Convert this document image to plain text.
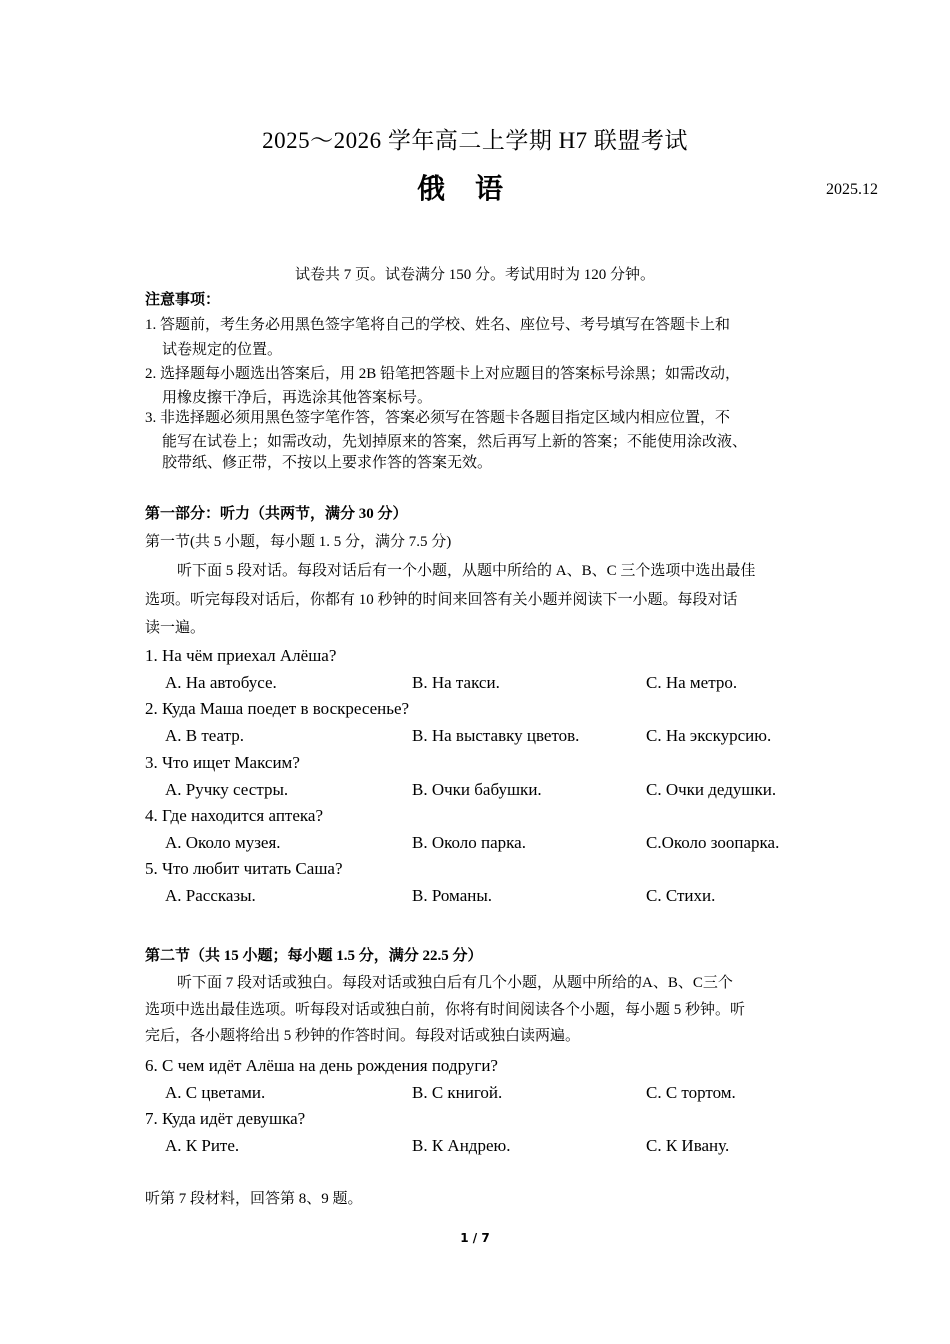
2025～2026 学年高二上学期 H7 联盟考试
俄语	2025.12
试卷共 7 页。试卷满分 150 分。考试用时为 120 分钟。
注意事项：
1. 答题前，考生务必用黑色签字笔将自己的学校、姓名、座位号、考号填写在答题卡上和
试卷规定的位置。
2. 选择题每小题选出答案后，用 2B 铅笔把答题卡上对应题目的答案标号涂黑；如需改动，
用橡皮擦干净后，再选涂其他答案标号。
3. 非选择题必须用黑色签字笔作答，答案必须写在答题卡各题目指定区域内相应位置，不
能写在试卷上；如需改动，先划掉原来的答案，然后再写上新的答案；不能使用涂改液、
胶带纸、修正带，不按以上要求作答的答案无效。
第一部分：听力（共两节，满分 30 分）
第一节(共 5 小题，每小题 1. 5 分，满分 7.5 分)
听下面 5 段对话。每段对话后有一个小题，从题中所给的 A、B、C 三个选项中选出最佳
选项。听完每段对话后，你都有 10 秒钟的时间来回答有关小题并阅读下一小题。每段对话
读一遍。
1. На чём приехал Алёша?
A. На автобусе.	B. На такси.	C. На метро.
2. Куда Маша поедет в воскресенье?
A. В театр.	B. На выставку цветов.	C. На экскурсию.
3. Что ищет Максим?
A. Ручку сестры.	B. Очки бабушки.	C. Очки дедушки.
4. Где находится аптека?
A. Около музея.	B. Около парка.	C.Около зоопарка.
5. Что любит читать Саша?
A. Рассказы.	B. Романы.	C. Стихи.
第二节（共 15 小题；每小题 1.5 分，满分 22.5 分）
听下面 7 段对话或独白。每段对话或独白后有几个小题，从题中所给的A、B、C三个
选项中选出最佳选项。听每段对话或独白前，你将有时间阅读各个小题，每小题 5 秒钟。听
完后，各小题将给出 5 秒钟的作答时间。每段对话或独白读两遍。
6. С чем идёт Алёша на день рождения подруги?
A. С цветами.	B. С книгой.	C. С тортом.
7. Куда идёт девушка?
A. К Рите.	B. К Андрею.	C. К Ивану.
听第 7 段材料，回答第 8、9 题。
1 / 7
